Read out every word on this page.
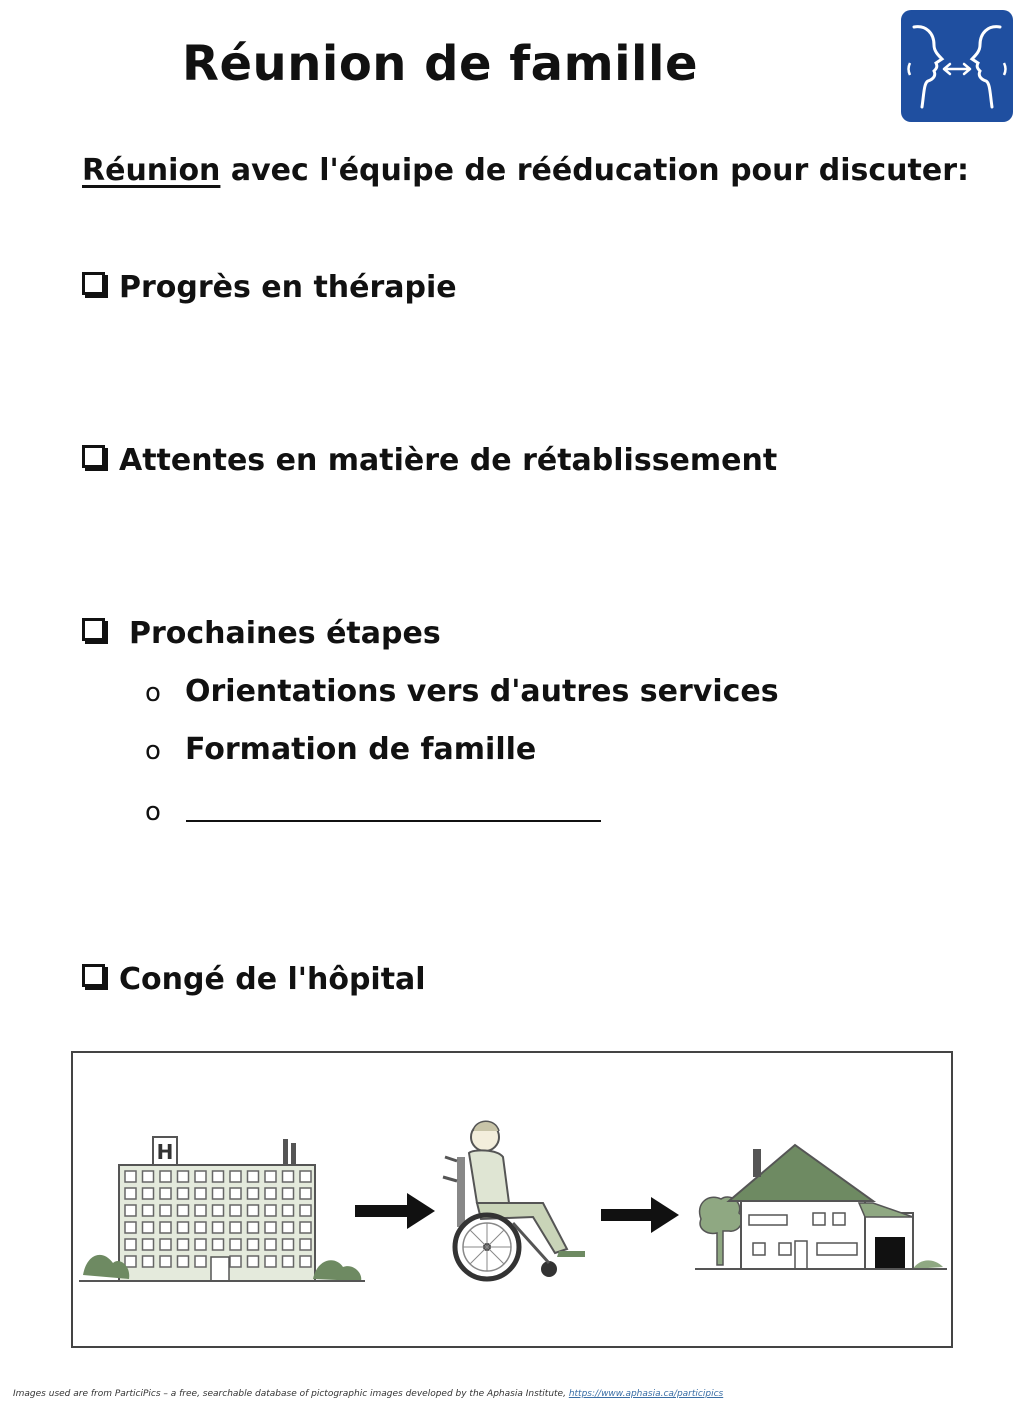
Réunion de famille
Réunion avec l'équipe de rééducation pour discuter:
Progrès en thérapie
Attentes en matière de rétablissement
Prochaines étapes
o Orientations vers d'autres services
o Formation de famille
o
Congé de l'hôpital
H
Images used are from ParticiPics – a free, searchable database of pictographic images developed by the Aphasia Institute, https://www.aphasia.ca/participics
